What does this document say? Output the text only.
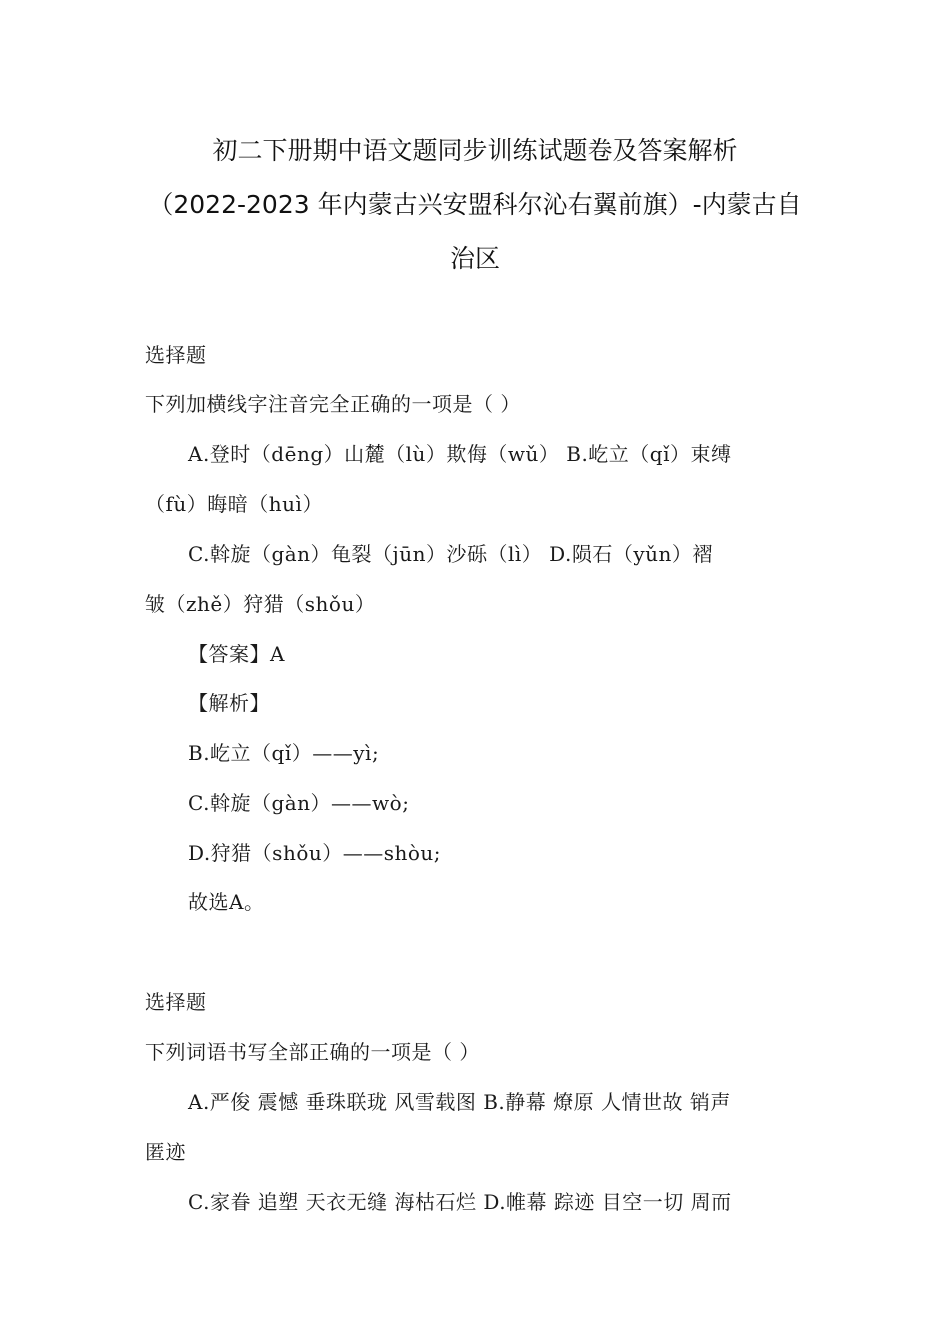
初二下册期中语文题同步训练试题卷及答案解析
（2022-2023 年内蒙古兴安盟科尔沁右翼前旗）-内蒙古自
治区
选择题
下列加横线字注音完全正确的一项是（ ）
A.登时（dēng）山麓（lù）欺侮（wǔ） B.屹立（qǐ）束缚
（fù）晦暗（huì）
C.斡旋（gàn）龟裂（jūn）沙砾（lì） D.陨石（yǔn）褶
皱（zhě）狩猎（shǒu）
【答案】A
【解析】
B.屹立（qǐ）——yì;
C.斡旋（gàn）——wò;
D.狩猎（shǒu）——shòu;
故选A。
选择题
下列词语书写全部正确的一项是（ ）
A.严俊 震憾 垂珠联珑 风雪载图 B.静幕 燎原 人情世故 销声
匿迹
C.家眷 追塑 天衣无缝 海枯石烂 D.帷幕 踪迹 目空一切 周而
